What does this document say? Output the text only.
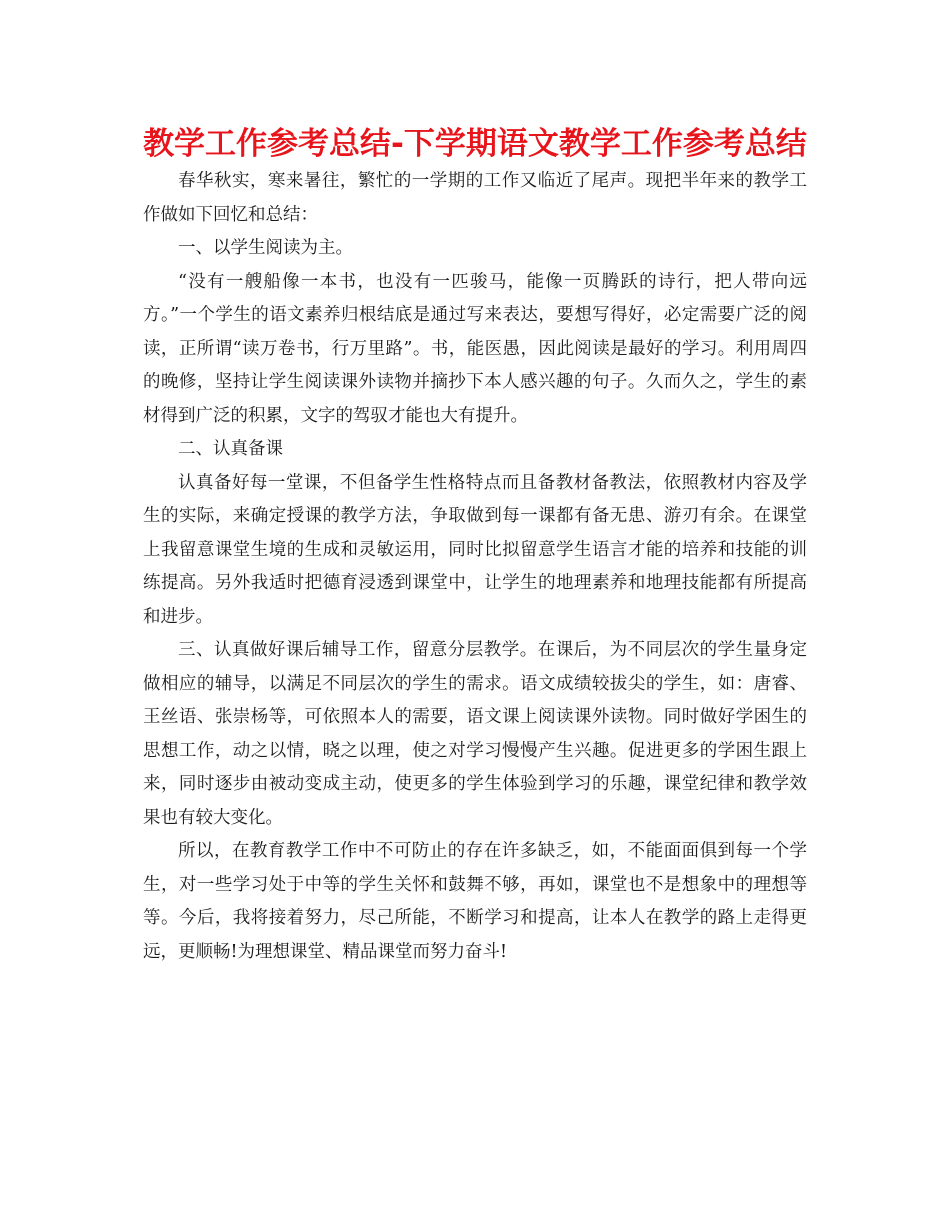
教学工作参考总结-下学期语文教学工作参考总结

春华秋实，寒来暑往，繁忙的一学期的工作又临近了尾声。现把半年来的教学工作做如下回忆和总结：

一、以学生阅读为主。

“没有一艘船像一本书，也没有一匹骏马，能像一页腾跃的诗行，把人带向远方。”一个学生的语文素养归根结底是通过写来表达，要想写得好，必定需要广泛的阅读，正所谓“读万卷书，行万里路”。书，能医愚，因此阅读是最好的学习。利用周四的晚修，坚持让学生阅读课外读物并摘抄下本人感兴趣的句子。久而久之，学生的素材得到广泛的积累，文字的驾驭才能也大有提升。

二、认真备课

认真备好每一堂课，不但备学生性格特点而且备教材备教法，依照教材内容及学生的实际，来确定授课的教学方法，争取做到每一课都有备无患、游刃有余。在课堂上我留意课堂生境的生成和灵敏运用，同时比拟留意学生语言才能的培养和技能的训练提高。另外我适时把德育浸透到课堂中，让学生的地理素养和地理技能都有所提高和进步。

三、认真做好课后辅导工作，留意分层教学。在课后，为不同层次的学生量身定做相应的辅导，以满足不同层次的学生的需求。语文成绩较拔尖的学生，如：唐睿、王丝语、张崇杨等，可依照本人的需要，语文课上阅读课外读物。同时做好学困生的思想工作，动之以情，晓之以理，使之对学习慢慢产生兴趣。促进更多的学困生跟上来，同时逐步由被动变成主动，使更多的学生体验到学习的乐趣，课堂纪律和教学效果也有较大变化。

所以，在教育教学工作中不可防止的存在许多缺乏，如，不能面面俱到每一个学生，对一些学习处于中等的学生关怀和鼓舞不够，再如，课堂也不是想象中的理想等等。今后，我将接着努力，尽己所能，不断学习和提高，让本人在教学的路上走得更远，更顺畅!为理想课堂、精品课堂而努力奋斗!
